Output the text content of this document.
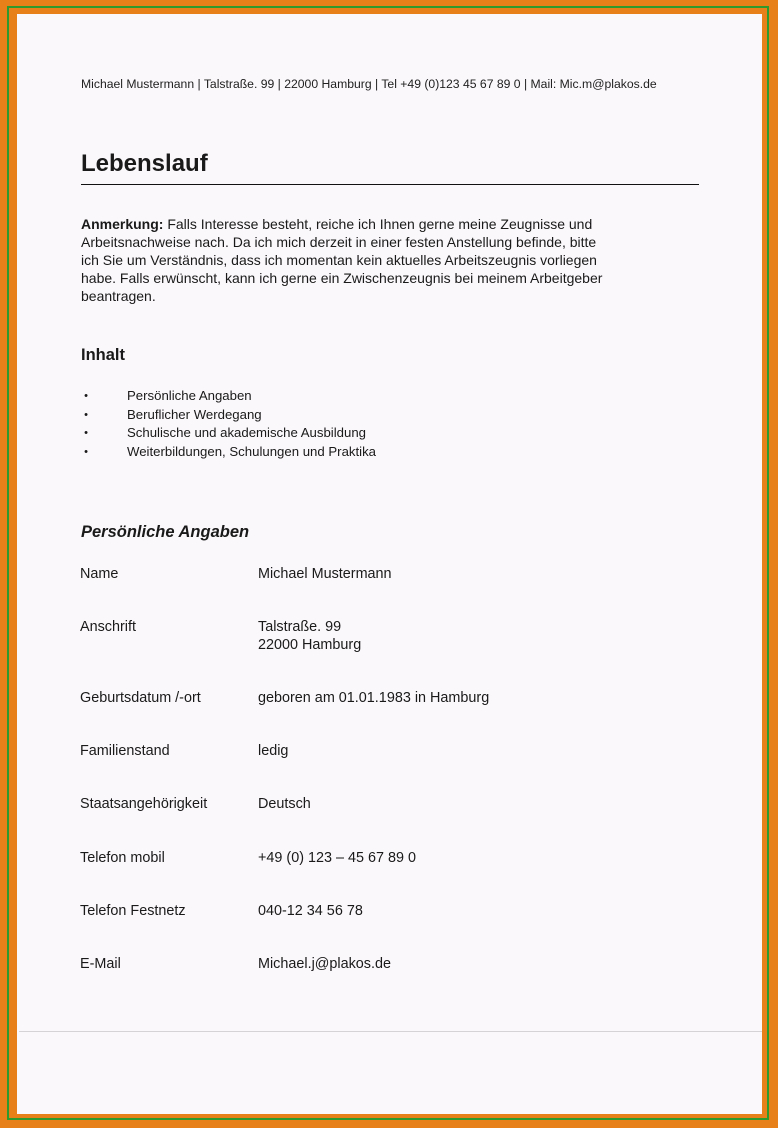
Michael Mustermann | Talstraße. 99 | 22000 Hamburg | Tel +49 (0)123 45 67 89 0 | Mail: Mic.m@plakos.de
Lebenslauf

Anmerkung: Falls Interesse besteht, reiche ich Ihnen gerne meine Zeugnisse und
Arbeitsnachweise nach. Da ich mich derzeit in einer festen Anstellung befinde, bitte
ich Sie um Verständnis, dass ich momentan kein aktuelles Arbeitszeugnis vorliegen
habe. Falls erwünscht, kann ich gerne ein Zwischenzeugnis bei meinem Arbeitgeber
beantragen.

Inhalt
•	Persönliche Angaben
•	Beruflicher Werdegang
•	Schulische und akademische Ausbildung
•	Weiterbildungen, Schulungen und Praktika
Persönliche Angaben
Name	Michael Mustermann
Anschrift	Talstraße. 99
22000 Hamburg
Geburtsdatum /-ort	geboren am 01.01.1983 in Hamburg
Familienstand	ledig
Staatsangehörigkeit	Deutsch
Telefon mobil	+49 (0) 123 – 45 67 89 0
Telefon Festnetz	040-12 34 56 78
E-Mail	Michael.j@plakos.de
